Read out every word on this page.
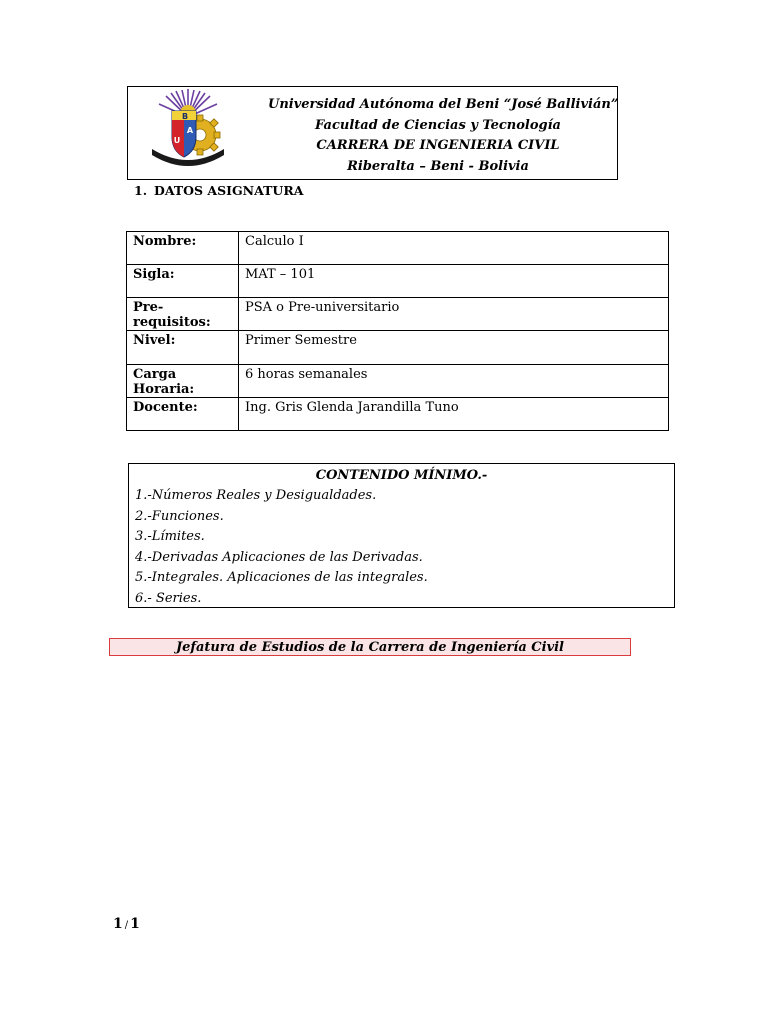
B
A
U
Universidad Autónoma del Beni “José Ballivián”
Facultad de Ciencias y Tecnología
CARRERA DE INGENIERIA CIVIL
Riberalta – Beni - Bolivia
1. DATOS ASIGNATURA
Nombre:	Calculo I
Sigla:	MAT – 101
Pre-requisitos:	PSA o Pre-universitario
Nivel:	Primer Semestre
Carga Horaria:	6 horas semanales
Docente:	Ing. Gris Glenda Jarandilla Tuno
CONTENIDO MÍNIMO.-
1.-Números Reales y Desigualdades.
2.-Funciones.
3.-Límites.
4.-Derivadas Aplicaciones de las Derivadas.
5.-Integrales. Aplicaciones de las integrales.
6.- Series.
Jefatura de Estudios de la Carrera de Ingeniería Civil
1 / 1
